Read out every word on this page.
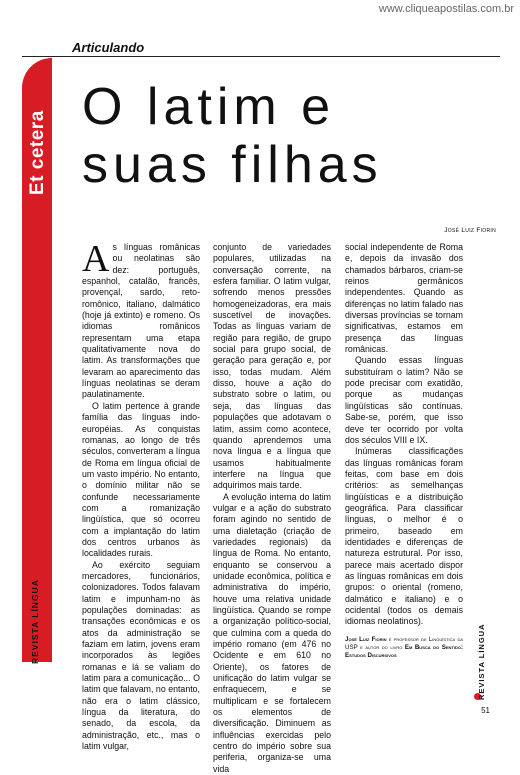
www.cliqueapostilas.com.br
Articulando
Et cetera
REVISTA LÍNGUA
O latim e
suas filhas
José Luiz Fiorin

As línguas românicas ou neolatinas são dez: português, espanhol, catalão, francês, provençal, sardo, reto-romônico, italiano, dalmático (hoje já extinto) e romeno. Os idiomas românicos representam uma etapa qualitativamente nova do latim. As transformações que levaram ao aparecimento das línguas neolatinas se deram paulatinamente.

O latim pertence à grande família das línguas indo-européias. As conquistas romanas, ao longo de três séculos, converteram a língua de Roma em língua oficial de um vasto império. No entanto, o domínio militar não se confunde necessariamente com a romanização lingüística, que só ocorreu com a implantação do latim dos centros urbanos às localidades rurais.

Ao exército seguiam mercadores, funcionários, colonizadores. Todos falavam latim e impunham-no às populações dominadas: as transações econômicas e os atos da administração se faziam em latim, jovens eram incorporados às legiões romanas e lá se valiam do latim para a comunicação... O latim que falavam, no entanto, não era o latim clássico, língua da literatura, do senado, da escola, da administração, etc., mas o latim vulgar,

conjunto de variedades populares, utilizadas na conversação corrente, na esfera familiar. O latim vulgar, sofrendo menos pressões homogeneizadoras, era mais suscetível de inovações. Todas as línguas variam de região para região, de grupo social para grupo social, de geração para geração e, por isso, todas mudam. Além disso, houve a ação do substrato sobre o latim, ou seja, das línguas das populações que adotavam o latim, assim como acontece, quando aprendemos uma nova língua e a língua que usamos habitualmente interfere na língua que adquirimos mais tarde.

A evolução interna do latim vulgar e a ação do substrato foram agindo no sentido de uma dialetação (criação de variedades regionais) da língua de Roma. No entanto, enquanto se conservou a unidade econômica, política e administrativa do império, houve uma relativa unidade lingüística. Quando se rompe a organização político-social, que culmina com a queda do império romano (em 476 no Ocidente e em 610 no Oriente), os fatores de unificação do latim vulgar se enfraquecem, e se multiplicam e se fortalecem os elementos de diversificação. Diminuem as influências exercidas pelo centro do império sobre sua periferia, organiza-se uma vida

social independente de Roma e, depois da invasão dos chamados bárbaros, criam-se reinos germânicos independentes. Quando as diferenças no latim falado nas diversas províncias se tornam significativas, estamos em presença das línguas românicas.

Quando essas línguas substituíram o latim? Não se pode precisar com exatidão, porque as mudanças lingüísticas são contínuas. Sabe-se, porém, que isso deve ter ocorrido por volta dos séculos VIII e IX.

Inúmeras classificações das línguas românicas foram feitas, com base em dois critérios: as semelhanças lingüísticas e a distribuição geográfica. Para classificar línguas, o melhor é o primeiro, baseado em identidades e diferenças de natureza estrutural. Por isso, parece mais acertado dispor as línguas românicas em dois grupos: o oriental (romeno, dalmático e italiano) e o ocidental (todos os demais idiomas neolatinos).

José Luiz Fiorin é professor de Lingüística da USP e autor do livro Em Busca do Sentido: Estudos Discursivos	REVISTA LÍNGUA
51
